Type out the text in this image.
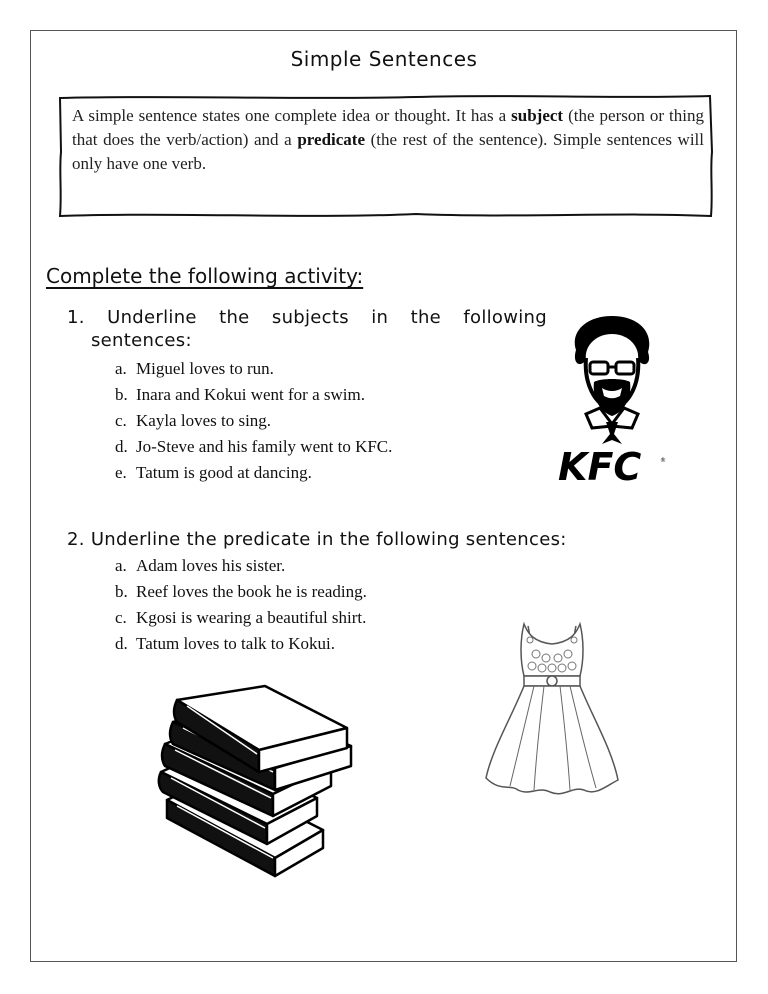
Simple Sentences
A simple sentence states one complete idea or thought. It has a subject (the person or thing that does the verb/action) and a predicate (the rest of the sentence). Simple sentences will only have one verb.
Complete the following activity:
1. Underline the subjects in the following
sentences:
a. Miguel loves to run.
b. Inara and Kokui went for a swim.
c. Kayla loves to sing.
d. Jo-Steve and his family went to KFC.
e. Tatum is good at dancing.
2. Underline the predicate in the following sentences:
a. Adam loves his sister.
b. Reef loves the book he is reading.
c. Kgosi is wearing a beautiful shirt.
d. Tatum loves to talk to Kokui.
KFC	®
